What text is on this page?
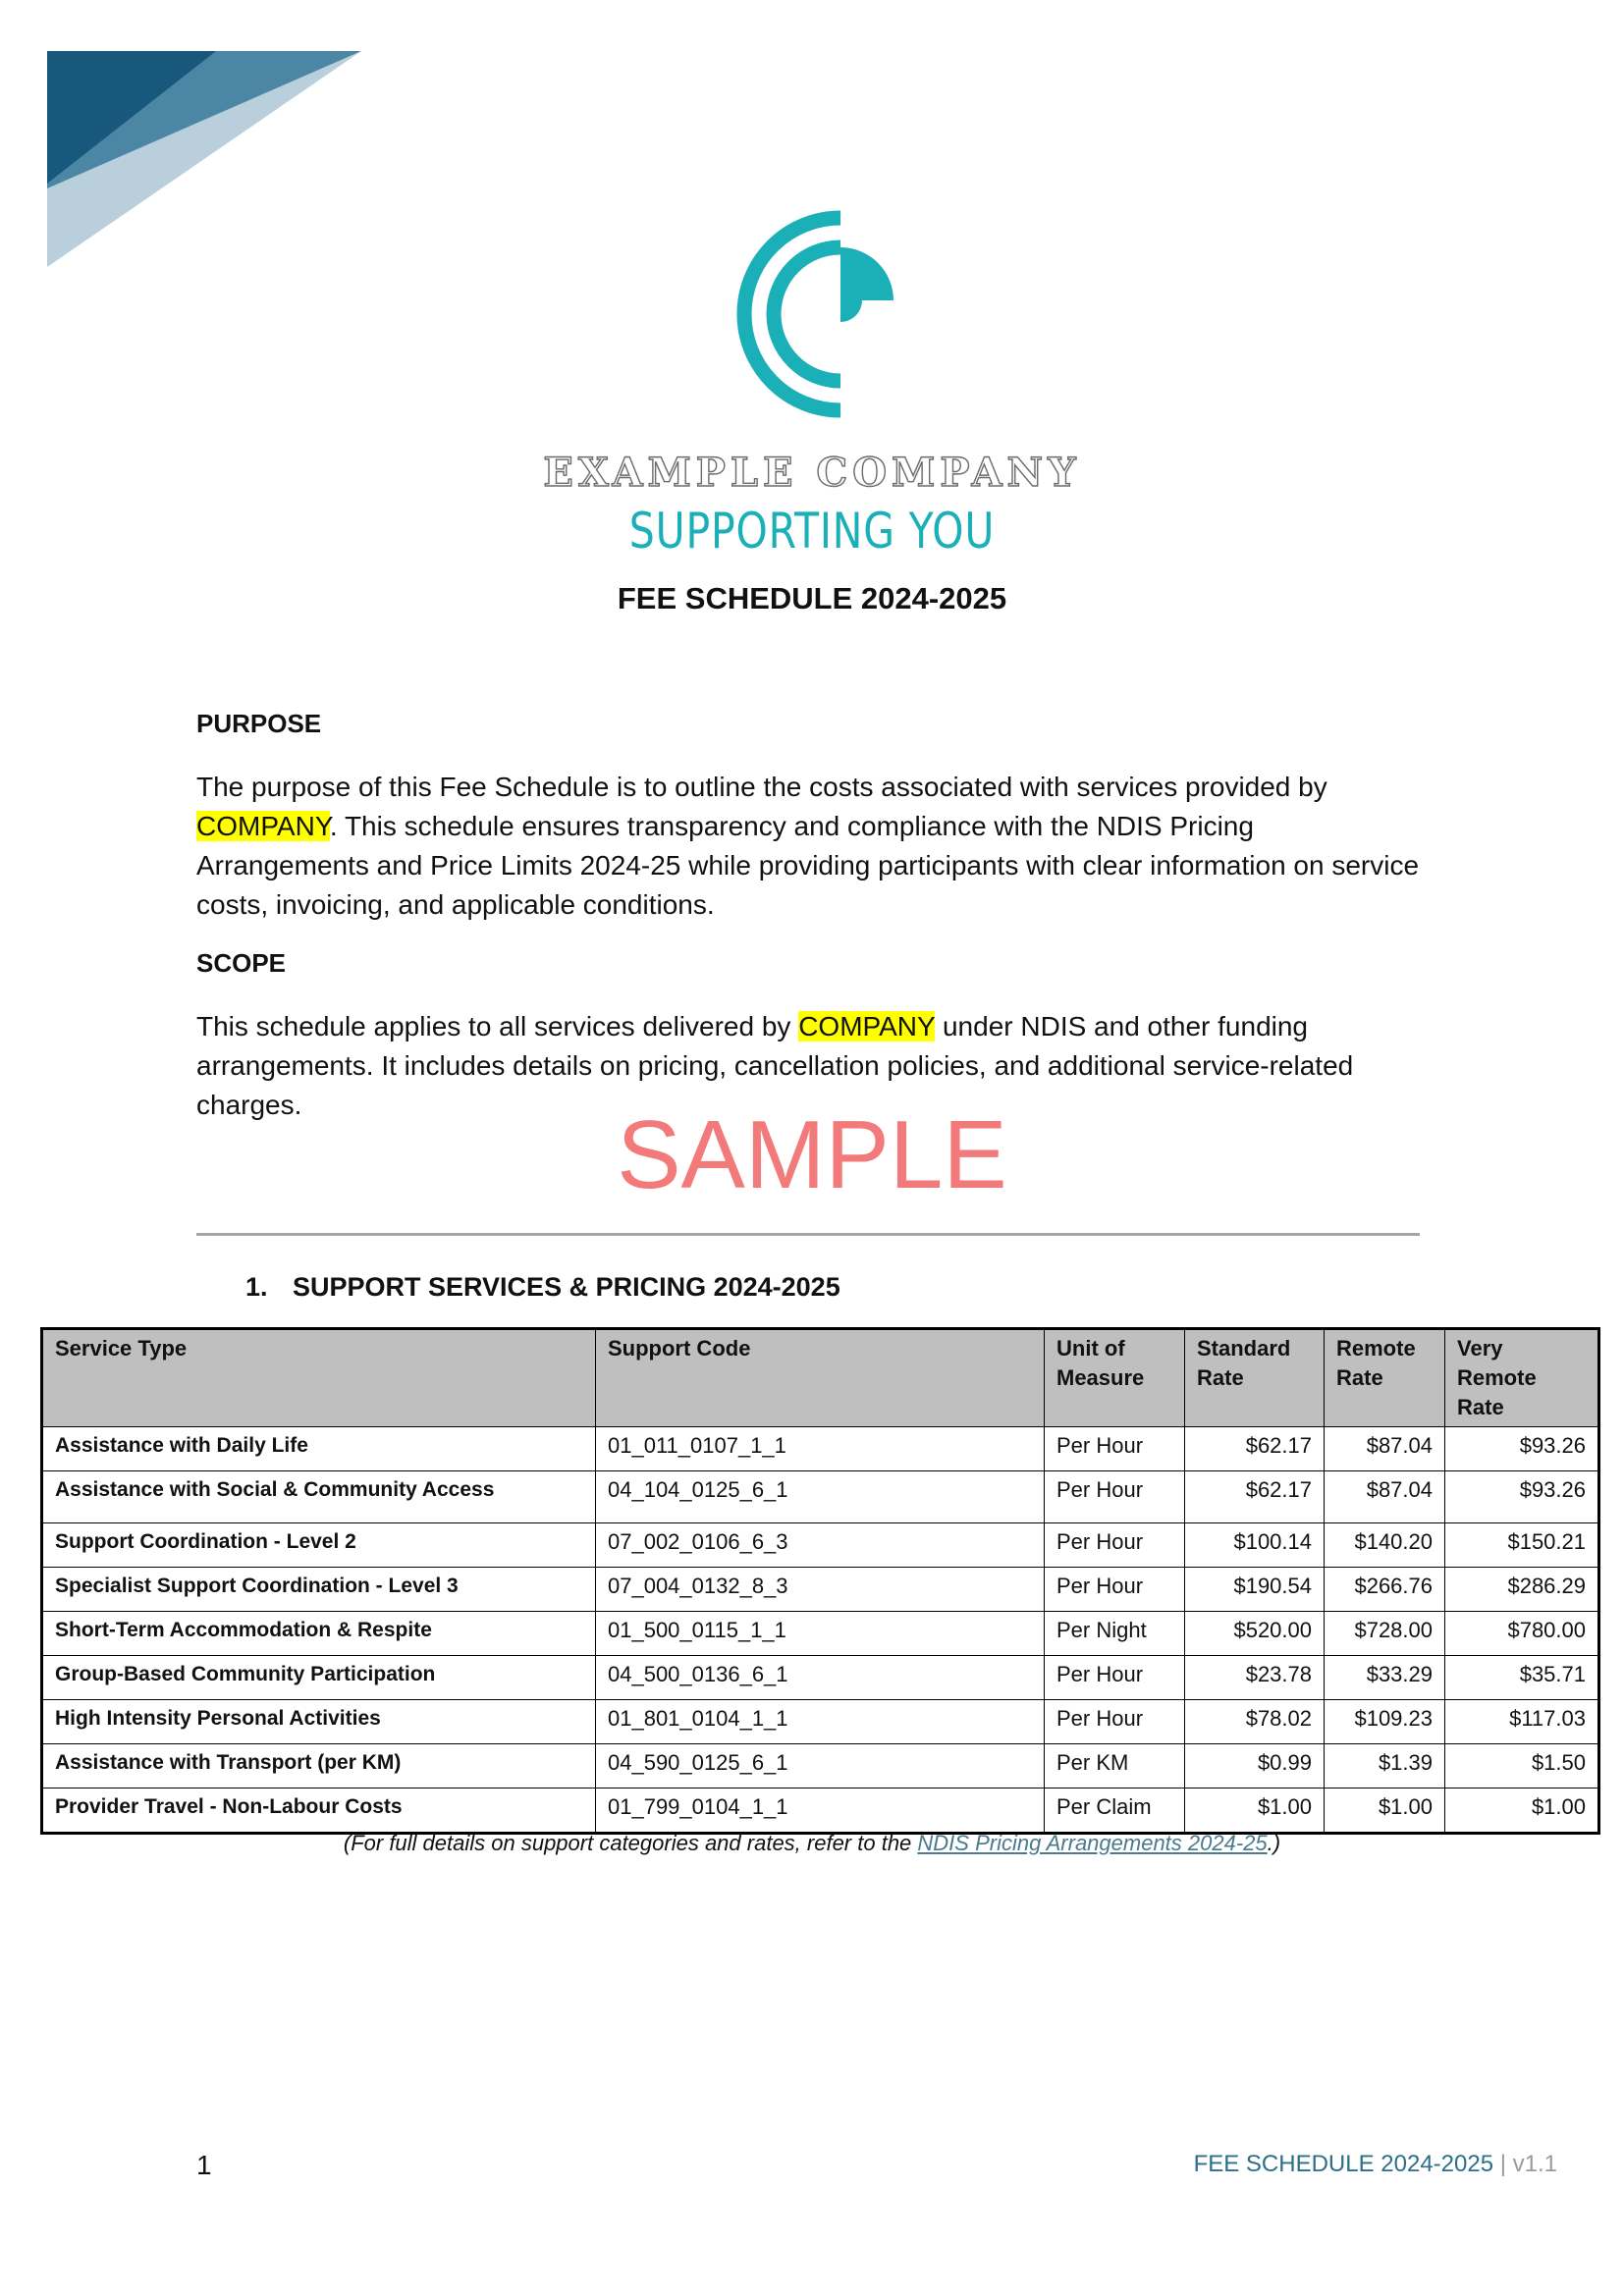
EXAMPLE COMPANY
SUPPORTING YOU
FEE SCHEDULE 2024-2025
PURPOSE
The purpose of this Fee Schedule is to outline the costs associated with services provided by COMPANY. This schedule ensures transparency and compliance with the NDIS Pricing Arrangements and Price Limits 2024-25 while providing participants with clear information on service costs, invoicing, and applicable conditions.
SCOPE
This schedule applies to all services delivered by COMPANY under NDIS and other funding arrangements. It includes details on pricing, cancellation policies, and additional service-related charges.	SAMPLE
1. SUPPORT SERVICES & PRICING 2024-2025
Service Type	Support Code	Unit of Measure	Standard Rate	Remote Rate	Very Remote Rate
Assistance with Daily Life	01_011_0107_1_1	Per Hour	$62.17	$87.04	$93.26
Assistance with Social & Community Access	04_104_0125_6_1	Per Hour	$62.17	$87.04	$93.26
Support Coordination - Level 2	07_002_0106_6_3	Per Hour	$100.14	$140.20	$150.21
Specialist Support Coordination - Level 3	07_004_0132_8_3	Per Hour	$190.54	$266.76	$286.29
Short-Term Accommodation & Respite	01_500_0115_1_1	Per Night	$520.00	$728.00	$780.00
Group-Based Community Participation	04_500_0136_6_1	Per Hour	$23.78	$33.29	$35.71
High Intensity Personal Activities	01_801_0104_1_1	Per Hour	$78.02	$109.23	$117.03
Assistance with Transport (per KM)	04_590_0125_6_1	Per KM	$0.99	$1.39	$1.50
Provider Travel - Non-Labour Costs	01_799_0104_1_1	Per Claim	$1.00	$1.00	$1.00
(For full details on support categories and rates, refer to the NDIS Pricing Arrangements 2024-25.)
1	FEE SCHEDULE 2024-2025 | v1.1
